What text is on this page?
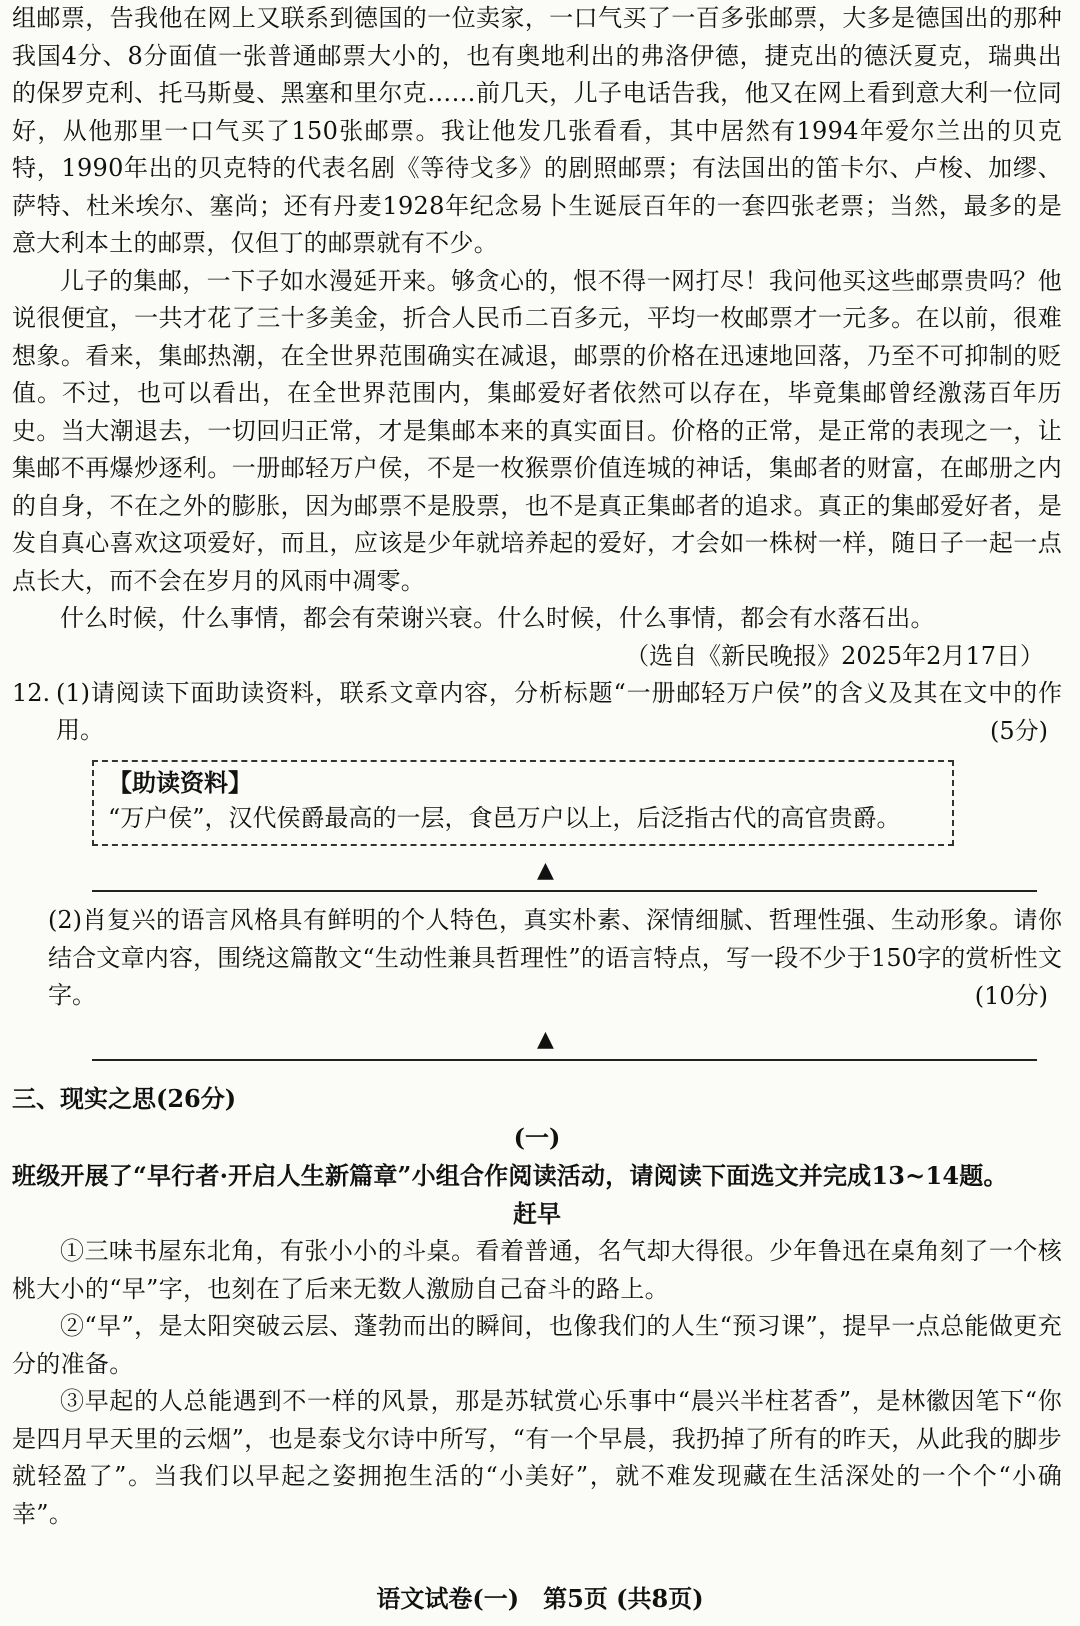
组邮票，告我他在网上又联系到德国的一位卖家，一口气买了一百多张邮票，大多是德国出的那种我国4分、8分面值一张普通邮票大小的，也有奥地利出的弗洛伊德，捷克出的德沃夏克，瑞典出的保罗克利、托马斯曼、黑塞和里尔克……前几天，儿子电话告我，他又在网上看到意大利一位同好，从他那里一口气买了150张邮票。我让他发几张看看，其中居然有1994年爱尔兰出的贝克特，1990年出的贝克特的代表名剧《等待戈多》的剧照邮票；有法国出的笛卡尔、卢梭、加缪、萨特、杜米埃尔、塞尚；还有丹麦1928年纪念易卜生诞辰百年的一套四张老票；当然，最多的是意大利本土的邮票，仅但丁的邮票就有不少。

儿子的集邮，一下子如水漫延开来。够贪心的，恨不得一网打尽！我问他买这些邮票贵吗？他说很便宜，一共才花了三十多美金，折合人民币二百多元，平均一枚邮票才一元多。在以前，很难想象。看来，集邮热潮，在全世界范围确实在减退，邮票的价格在迅速地回落，乃至不可抑制的贬值。不过，也可以看出，在全世界范围内，集邮爱好者依然可以存在，毕竟集邮曾经激荡百年历史。当大潮退去，一切回归正常，才是集邮本来的真实面目。价格的正常，是正常的表现之一，让集邮不再爆炒逐利。一册邮轻万户侯，不是一枚猴票价值连城的神话，集邮者的财富，在邮册之内的自身，不在之外的膨胀，因为邮票不是股票，也不是真正集邮者的追求。真正的集邮爱好者，是发自真心喜欢这项爱好，而且，应该是少年就培养起的爱好，才会如一株树一样，随日子一起一点点长大，而不会在岁月的风雨中凋零。

什么时候，什么事情，都会有荣谢兴衰。什么时候，什么事情，都会有水落石出。

（选自《新民晚报》2025年2月17日）

12. (1)请阅读下面助读资料，联系文章内容，分析标题“一册邮轻万户侯”的含义及其在文中的作用。	(5分)

【助读资料】

“万户侯”，汉代侯爵最高的一层，食邑万户以上，后泛指古代的高官贵爵。

▲
(2)肖复兴的语言风格具有鲜明的个人特色，真实朴素、深情细腻、哲理性强、生动形象。请你结合文章内容，围绕这篇散文“生动性兼具哲理性”的语言特点，写一段不少于150字的赏析性文字。	(10分)
▲

三、现实之思(26分)

(一)

班级开展了“早行者·开启人生新篇章”小组合作阅读活动，请阅读下面选文并完成13~14题。

赶早

①三味书屋东北角，有张小小的斗桌。看着普通，名气却大得很。少年鲁迅在桌角刻了一个核桃大小的“早”字，也刻在了后来无数人激励自己奋斗的路上。

②“早”，是太阳突破云层、蓬勃而出的瞬间，也像我们的人生“预习课”，提早一点总能做更充分的准备。

③早起的人总能遇到不一样的风景，那是苏轼赏心乐事中“晨兴半柱茗香”，是林徽因笔下“你是四月早天里的云烟”，也是泰戈尔诗中所写，“有一个早晨，我扔掉了所有的昨天，从此我的脚步就轻盈了”。当我们以早起之姿拥抱生活的“小美好”，就不难发现藏在生活深处的一个个“小确幸”。

语文试卷(一)　第5页 (共8页)
